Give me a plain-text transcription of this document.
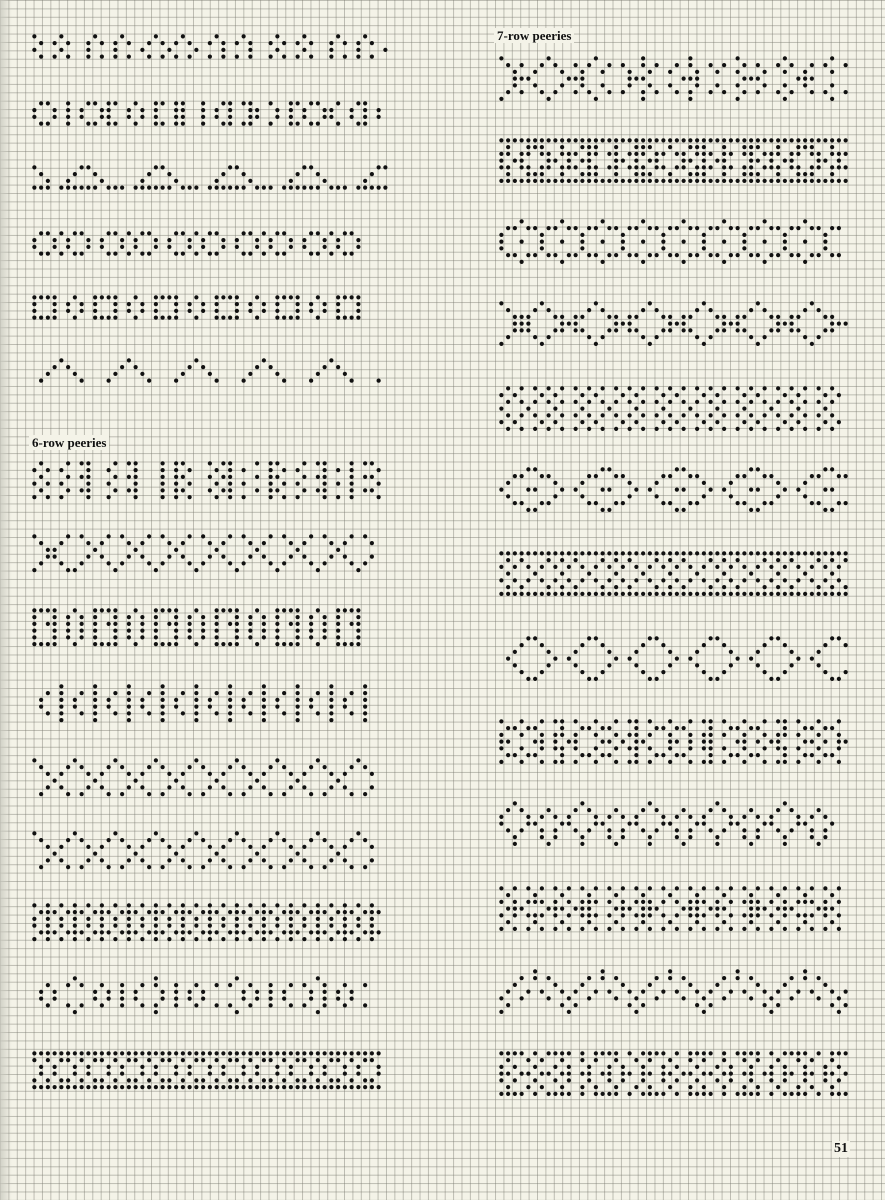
7-row peeries
6-row peeries
51
